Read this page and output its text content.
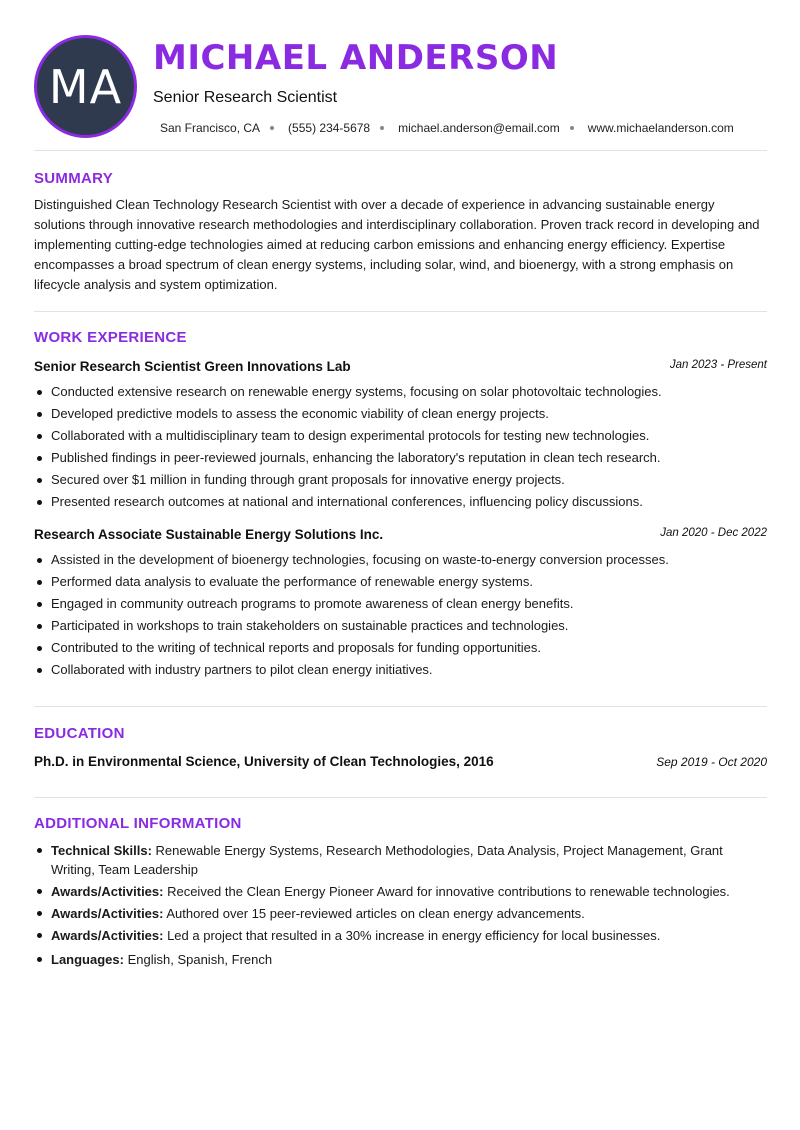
MA
MICHAEL ANDERSON
Senior Research Scientist
San Francisco, CA (555) 234-5678 michael.anderson@email.com www.michaelanderson.com
SUMMARY
Distinguished Clean Technology Research Scientist with over a decade of experience in advancing sustainable energy solutions through innovative research methodologies and interdisciplinary collaboration. Proven track record in developing and implementing cutting-edge technologies aimed at reducing carbon emissions and enhancing energy efficiency. Expertise encompasses a broad spectrum of clean energy systems, including solar, wind, and bioenergy, with a strong emphasis on lifecycle analysis and system optimization.
WORK EXPERIENCE
Senior Research Scientist Green Innovations Lab	Jan 2023 - Present
Conducted extensive research on renewable energy systems, focusing on solar photovoltaic technologies.
Developed predictive models to assess the economic viability of clean energy projects.
Collaborated with a multidisciplinary team to design experimental protocols for testing new technologies.
Published findings in peer-reviewed journals, enhancing the laboratory's reputation in clean tech research.
Secured over $1 million in funding through grant proposals for innovative energy projects.
Presented research outcomes at national and international conferences, influencing policy discussions.
Research Associate Sustainable Energy Solutions Inc.	Jan 2020 - Dec 2022
Assisted in the development of bioenergy technologies, focusing on waste-to-energy conversion processes.
Performed data analysis to evaluate the performance of renewable energy systems.
Engaged in community outreach programs to promote awareness of clean energy benefits.
Participated in workshops to train stakeholders on sustainable practices and technologies.
Contributed to the writing of technical reports and proposals for funding opportunities.
Collaborated with industry partners to pilot clean energy initiatives.
EDUCATION
Ph.D. in Environmental Science, University of Clean Technologies, 2016	Sep 2019 - Oct 2020
ADDITIONAL INFORMATION
Technical Skills: Renewable Energy Systems, Research Methodologies, Data Analysis, Project Management, Grant Writing, Team Leadership
Awards/Activities: Received the Clean Energy Pioneer Award for innovative contributions to renewable technologies.
Awards/Activities: Authored over 15 peer-reviewed articles on clean energy advancements.
Awards/Activities: Led a project that resulted in a 30% increase in energy efficiency for local businesses.
Languages: English, Spanish, French
